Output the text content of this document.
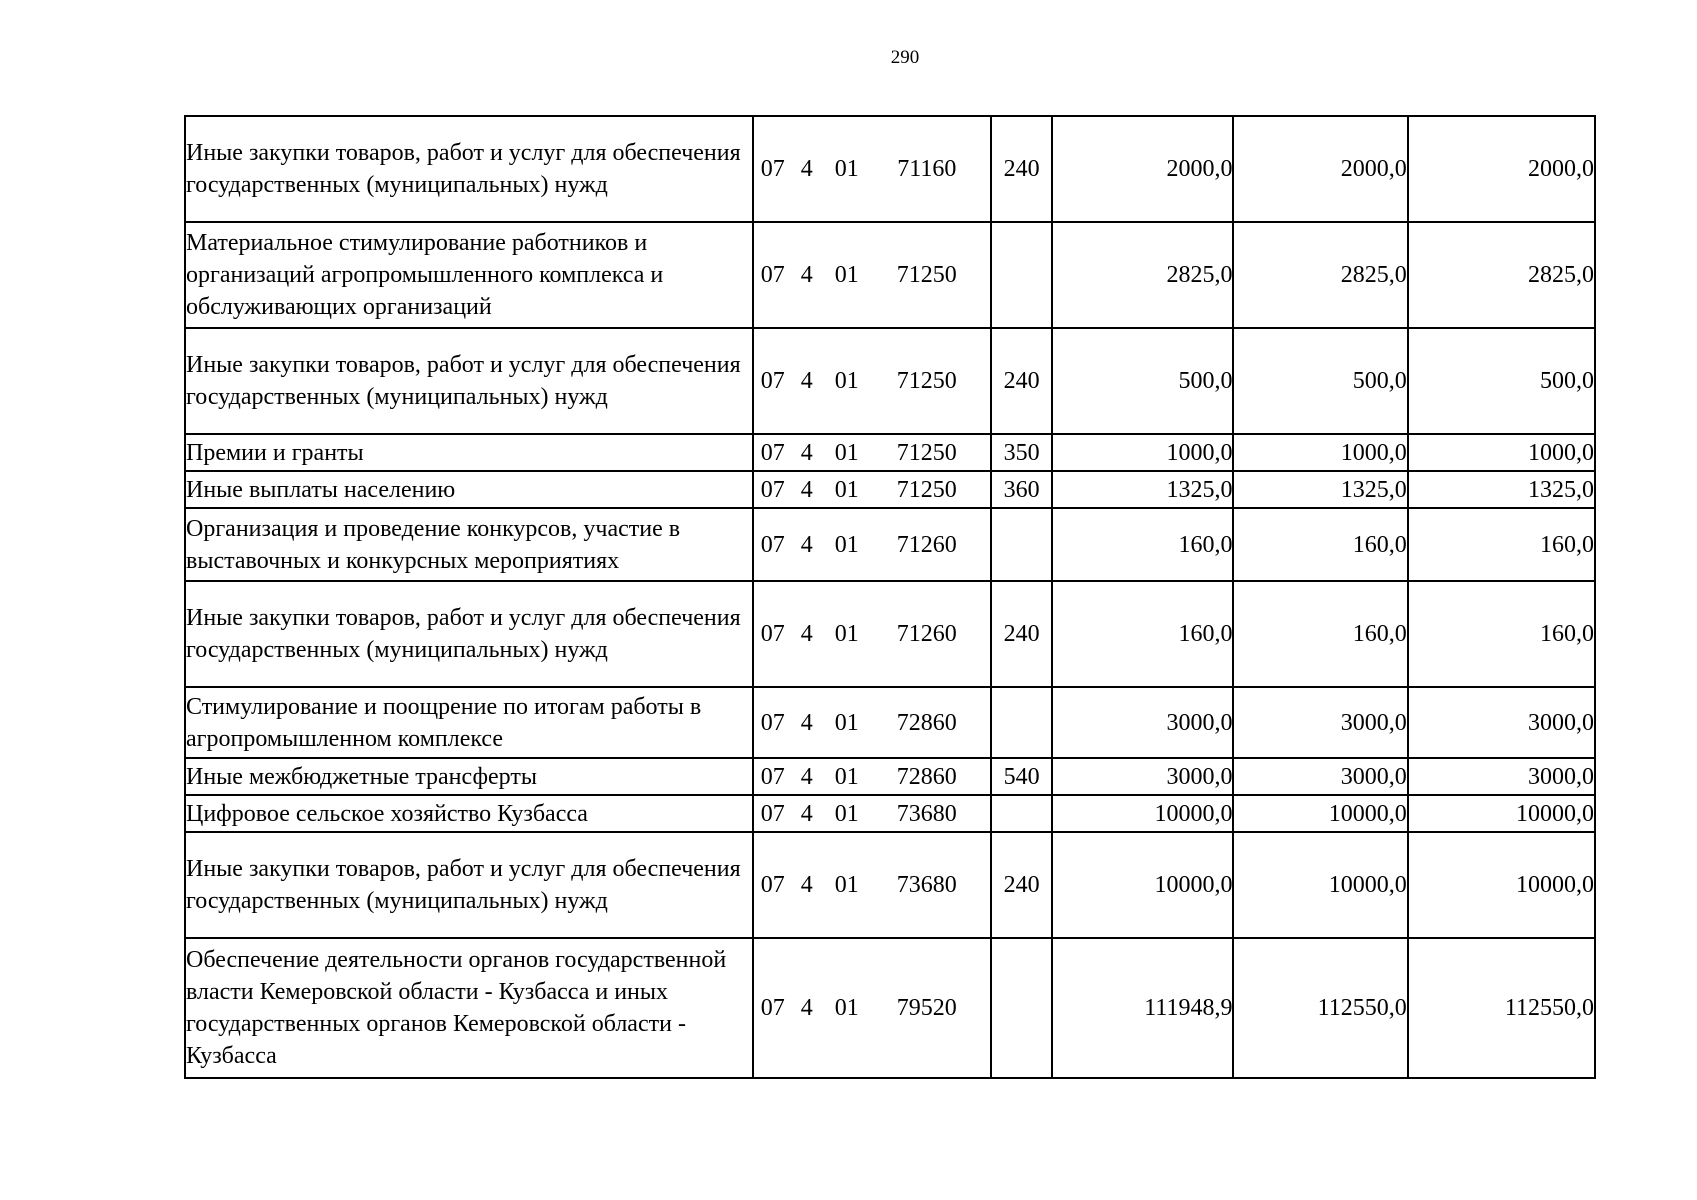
290
Иные закупки товаров, работ и услуг для обеспечения государственных (муниципальных) нужд	07 4 01 71160	240	2000,0	2000,0	2000,0
Материальное стимулирование работников и организаций агропромышленного комплекса и обслуживающих организаций	07 4 01 71250		2825,0	2825,0	2825,0
Иные закупки товаров, работ и услуг для обеспечения государственных (муниципальных) нужд	07 4 01 71250	240	500,0	500,0	500,0
Премии и гранты	07 4 01 71250	350	1000,0	1000,0	1000,0
Иные выплаты населению	07 4 01 71250	360	1325,0	1325,0	1325,0
Организация и проведение конкурсов, участие в выставочных и конкурсных мероприятиях	07 4 01 71260		160,0	160,0	160,0
Иные закупки товаров, работ и услуг для обеспечения государственных (муниципальных) нужд	07 4 01 71260	240	160,0	160,0	160,0
Стимулирование и поощрение по итогам работы в агропромышленном комплексе	07 4 01 72860		3000,0	3000,0	3000,0
Иные межбюджетные трансферты	07 4 01 72860	540	3000,0	3000,0	3000,0
Цифровое сельское хозяйство Кузбасса	07 4 01 73680		10000,0	10000,0	10000,0
Иные закупки товаров, работ и услуг для обеспечения государственных (муниципальных) нужд	07 4 01 73680	240	10000,0	10000,0	10000,0
Обеспечение деятельности органов государственной власти Кемеровской области - Кузбасса и иных государственных органов Кемеровской области - Кузбасса	07 4 01 79520		111948,9	112550,0	112550,0
